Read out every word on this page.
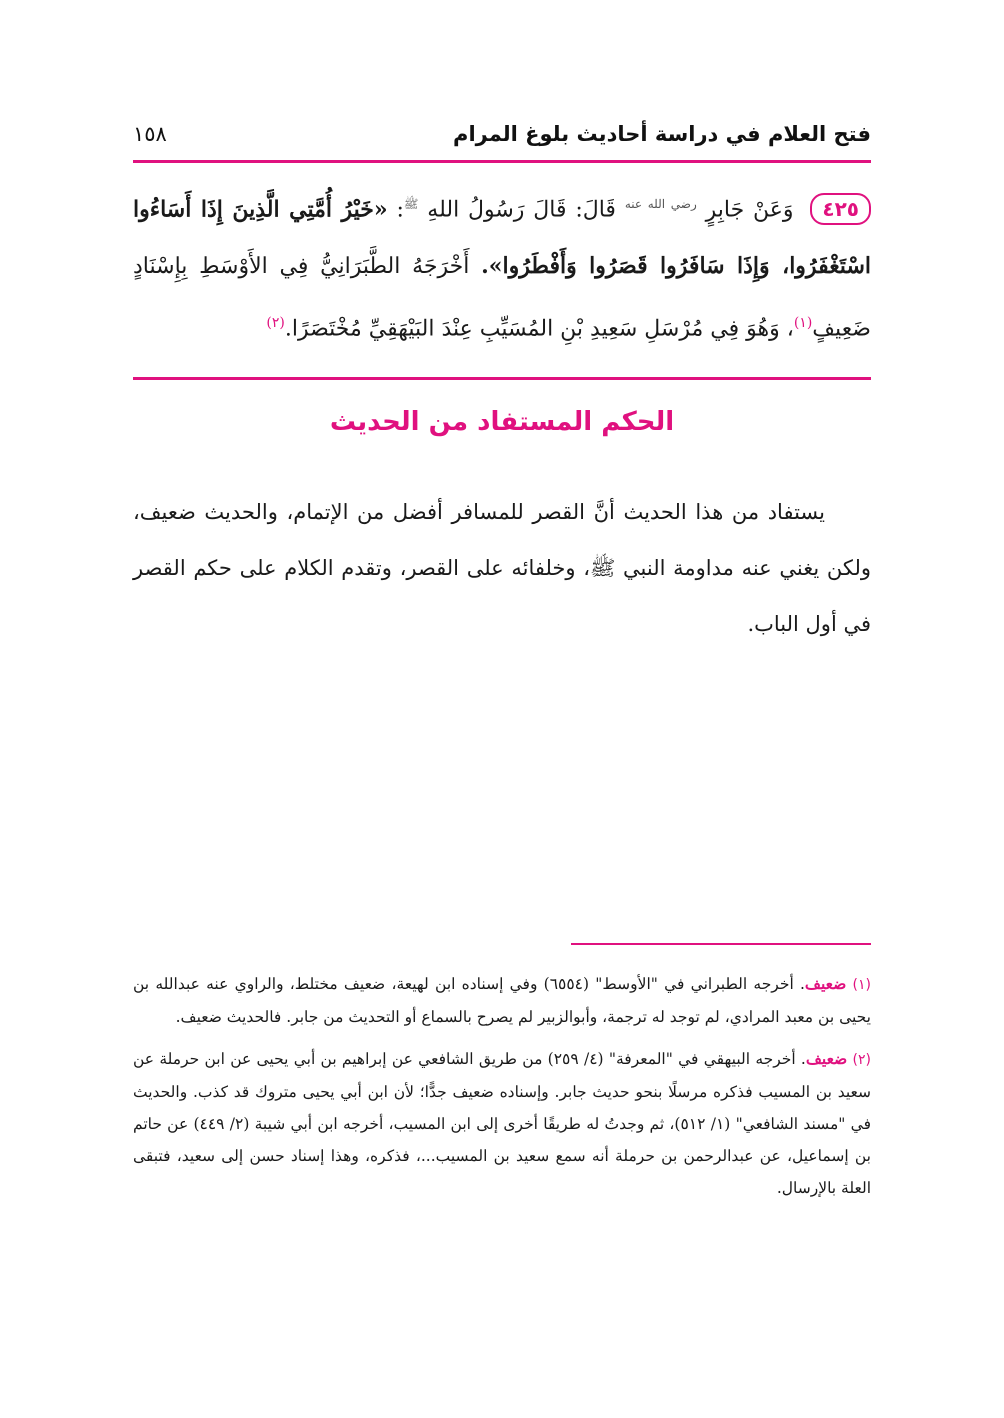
فتح العلام في دراسة أحاديث بلوغ المرام
١٥٨
٤٢٥ وَعَنْ جَابِرٍ $^{رضي الله عنه}$ قَالَ: قَالَ رَسُولُ اللهِ $^ﷺ$: «خَيْرُ أُمَّتِي الَّذِينَ إِذَا أَسَاءُوا اسْتَغْفَرُوا، وَإِذَا سَافَرُوا قَصَرُوا وَأَفْطَرُوا». أَخْرَجَهُ الطَّبَرَانِيُّ فِي الأَوْسَطِ بِإِسْنَادٍ ضَعِيفٍ$^{(١)}$، وَهُوَ فِي مُرْسَلِ سَعِيدِ بْنِ المُسَيِّبِ عِنْدَ البَيْهَقِيِّ مُخْتَصَرًا.$^{(٢)}$
الحكم المستفاد من الحديث
يستفاد من هذا الحديث أنَّ القصر للمسافر أفضل من الإتمام، والحديث ضعيف، ولكن يغني عنه مداومة النبي ﷺ، وخلفائه على القصر، وتقدم الكلام على حكم القصر في أول الباب.
(١) ضعيف. أخرجه الطبراني في "الأوسط" (٦٥٥٤) وفي إسناده ابن لهيعة، ضعيف مختلط، والراوي عنه عبدالله بن يحيى بن معبد المرادي، لم توجد له ترجمة، وأبوالزبير لم يصرح بالسماع أو التحديث من جابر. فالحديث ضعيف.
(٢) ضعيف. أخرجه البيهقي في "المعرفة" (٤/ ٢٥٩) من طريق الشافعي عن إبراهيم بن أبي يحيى عن ابن حرملة عن سعيد بن المسيب فذكره مرسلًا بنحو حديث جابر. وإسناده ضعيف جدًّا؛ لأن ابن أبي يحيى متروك قد كذب. والحديث في "مسند الشافعي" (١/ ٥١٢)، ثم وجدتُ له طريقًا أخرى إلى ابن المسيب، أخرجه ابن أبي شيبة (٢/ ٤٤٩) عن حاتم بن إسماعيل، عن عبدالرحمن بن حرملة أنه سمع سعيد بن المسيب...، فذكره، وهذا إسناد حسن إلى سعيد، فتبقى العلة بالإرسال.
